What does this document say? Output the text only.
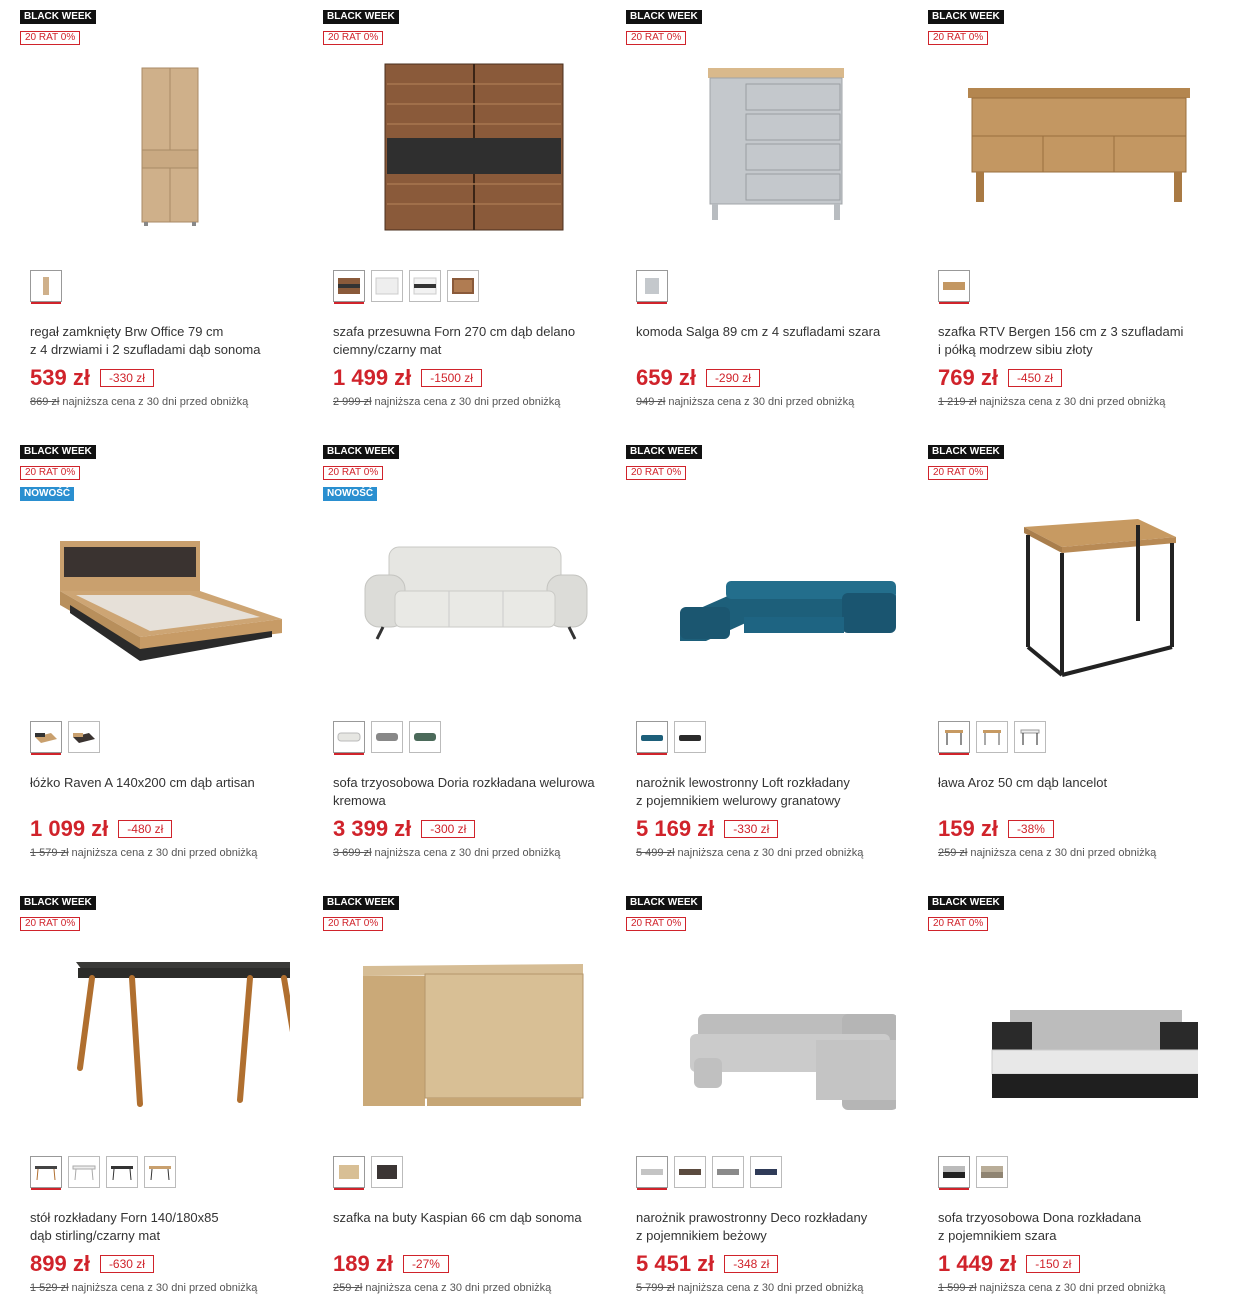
BLACK WEEK
20 RAT 0%
regał zamknięty Brw Office 79 cm
z 4 drzwiami i 2 szufladami dąb sonoma
539 zł	-330 zł
869 zł najniższa cena z 30 dni przed obniżką
BLACK WEEK
20 RAT 0%
szafa przesuwna Forn 270 cm dąb delano
ciemny/czarny mat
1 499 zł	-1500 zł
2 999 zł najniższa cena z 30 dni przed obniżką
BLACK WEEK
20 RAT 0%
komoda Salga 89 cm z 4 szufladami szara
659 zł	-290 zł
949 zł najniższa cena z 30 dni przed obniżką
BLACK WEEK
20 RAT 0%
szafka RTV Bergen 156 cm z 3 szufladami
i półką modrzew sibiu złoty
769 zł	-450 zł
1 219 zł najniższa cena z 30 dni przed obniżką
BLACK WEEK
20 RAT 0%
NOWOŚĆ
łóżko Raven A 140x200 cm dąb artisan
1 099 zł	-480 zł
1 579 zł najniższa cena z 30 dni przed obniżką
BLACK WEEK
20 RAT 0%
NOWOŚĆ
sofa trzyosobowa Doria rozkładana welurowa
kremowa
3 399 zł	-300 zł
3 699 zł najniższa cena z 30 dni przed obniżką
BLACK WEEK
20 RAT 0%
narożnik lewostronny Loft rozkładany
z pojemnikiem welurowy granatowy
5 169 zł	-330 zł
5 499 zł najniższa cena z 30 dni przed obniżką
BLACK WEEK
20 RAT 0%
ława Aroz 50 cm dąb lancelot
159 zł	-38%
259 zł najniższa cena z 30 dni przed obniżką
BLACK WEEK
20 RAT 0%
stół rozkładany Forn 140/180x85
dąb stirling/czarny mat
899 zł	-630 zł
1 529 zł najniższa cena z 30 dni przed obniżką
BLACK WEEK
20 RAT 0%
szafka na buty Kaspian 66 cm dąb sonoma
189 zł	-27%
259 zł najniższa cena z 30 dni przed obniżką
BLACK WEEK
20 RAT 0%
narożnik prawostronny Deco rozkładany
z pojemnikiem beżowy
5 451 zł	-348 zł
5 799 zł najniższa cena z 30 dni przed obniżką
BLACK WEEK
20 RAT 0%
sofa trzyosobowa Dona rozkładana
z pojemnikiem szara
1 449 zł	-150 zł
1 599 zł najniższa cena z 30 dni przed obniżką
